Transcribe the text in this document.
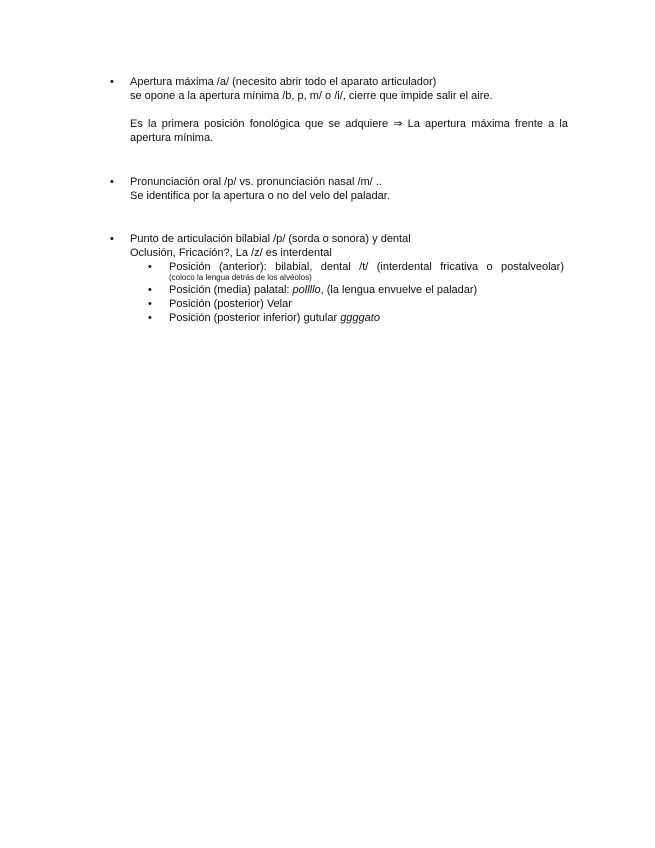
•	Apertura máxima /a/ (necesito abrir todo el aparato articulador)
se opone a la apertura mínima /b, p, m/ o /i/, cierre que impide salir el aire.
Es la primera posición fonológica que se adquiere ⇒ La apertura máxima frente a la apertura mínima.
•	Pronunciación oral /p/ vs. pronunciación nasal /m/ ..
Se identifica por la apertura o no del velo del paladar.
•	Punto de articulación bilabial /p/ (sorda o sonora) y dental
Oclusión, Fricación?, La /z/ es interdental
• Posición (anterior): bilabial, dental /t/ (interdental fricativa o postalveolar)
(coloco la lengua detrás de los alvéolos)
• Posición (media) palatal: pollllo, (la lengua envuelve el paladar)
• Posición (posterior) Velar
• Posición (posterior inferior) gutular ggggato
